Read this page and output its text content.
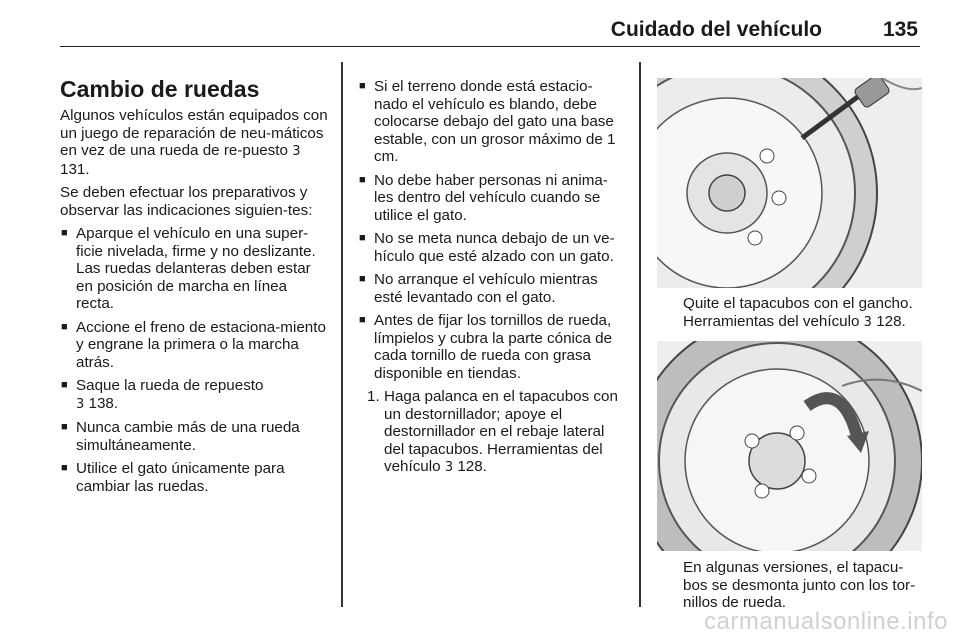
Cuidado del vehículo	135
Cambio de ruedas

Algunos vehículos están equipados con un juego de reparación de neu-máticos en vez de una rueda de re-puesto 3 131.

Se deben efectuar los preparativos y observar las indicaciones siguien-tes:

■ Aparque el vehículo en una super-ficie nivelada, firme y no deslizante. Las ruedas delanteras deben estar en posición de marcha en línea recta.
■ Accione el freno de estaciona-miento y engrane la primera o la marcha atrás.
■ Saque la rueda de repuesto
3 138.
■ Nunca cambie más de una rueda simultáneamente.
■ Utilice el gato únicamente para cambiar las ruedas.
■ Si el terreno donde está estacio-nado el vehículo es blando, debe colocarse debajo del gato una base estable, con un grosor máximo de 1 cm.
■ No debe haber personas ni anima-les dentro del vehículo cuando se utilice el gato.
■ No se meta nunca debajo de un ve-hículo que esté alzado con un gato.
■ No arranque el vehículo mientras esté levantado con el gato.
■ Antes de fijar los tornillos de rueda, límpielos y cubra la parte cónica de cada tornillo de rueda con grasa disponible en tiendas.
1. Haga palanca en el tapacubos con un destornillador; apoye el destornillador en el rebaje lateral del tapacubos. Herramientas del vehículo 3 128.

Quite el tapacubos con el gancho. Herramientas del vehículo 3 128.

En algunas versiones, el tapacu-bos se desmonta junto con los tor-nillos de rueda.

carmanualsonline.info
